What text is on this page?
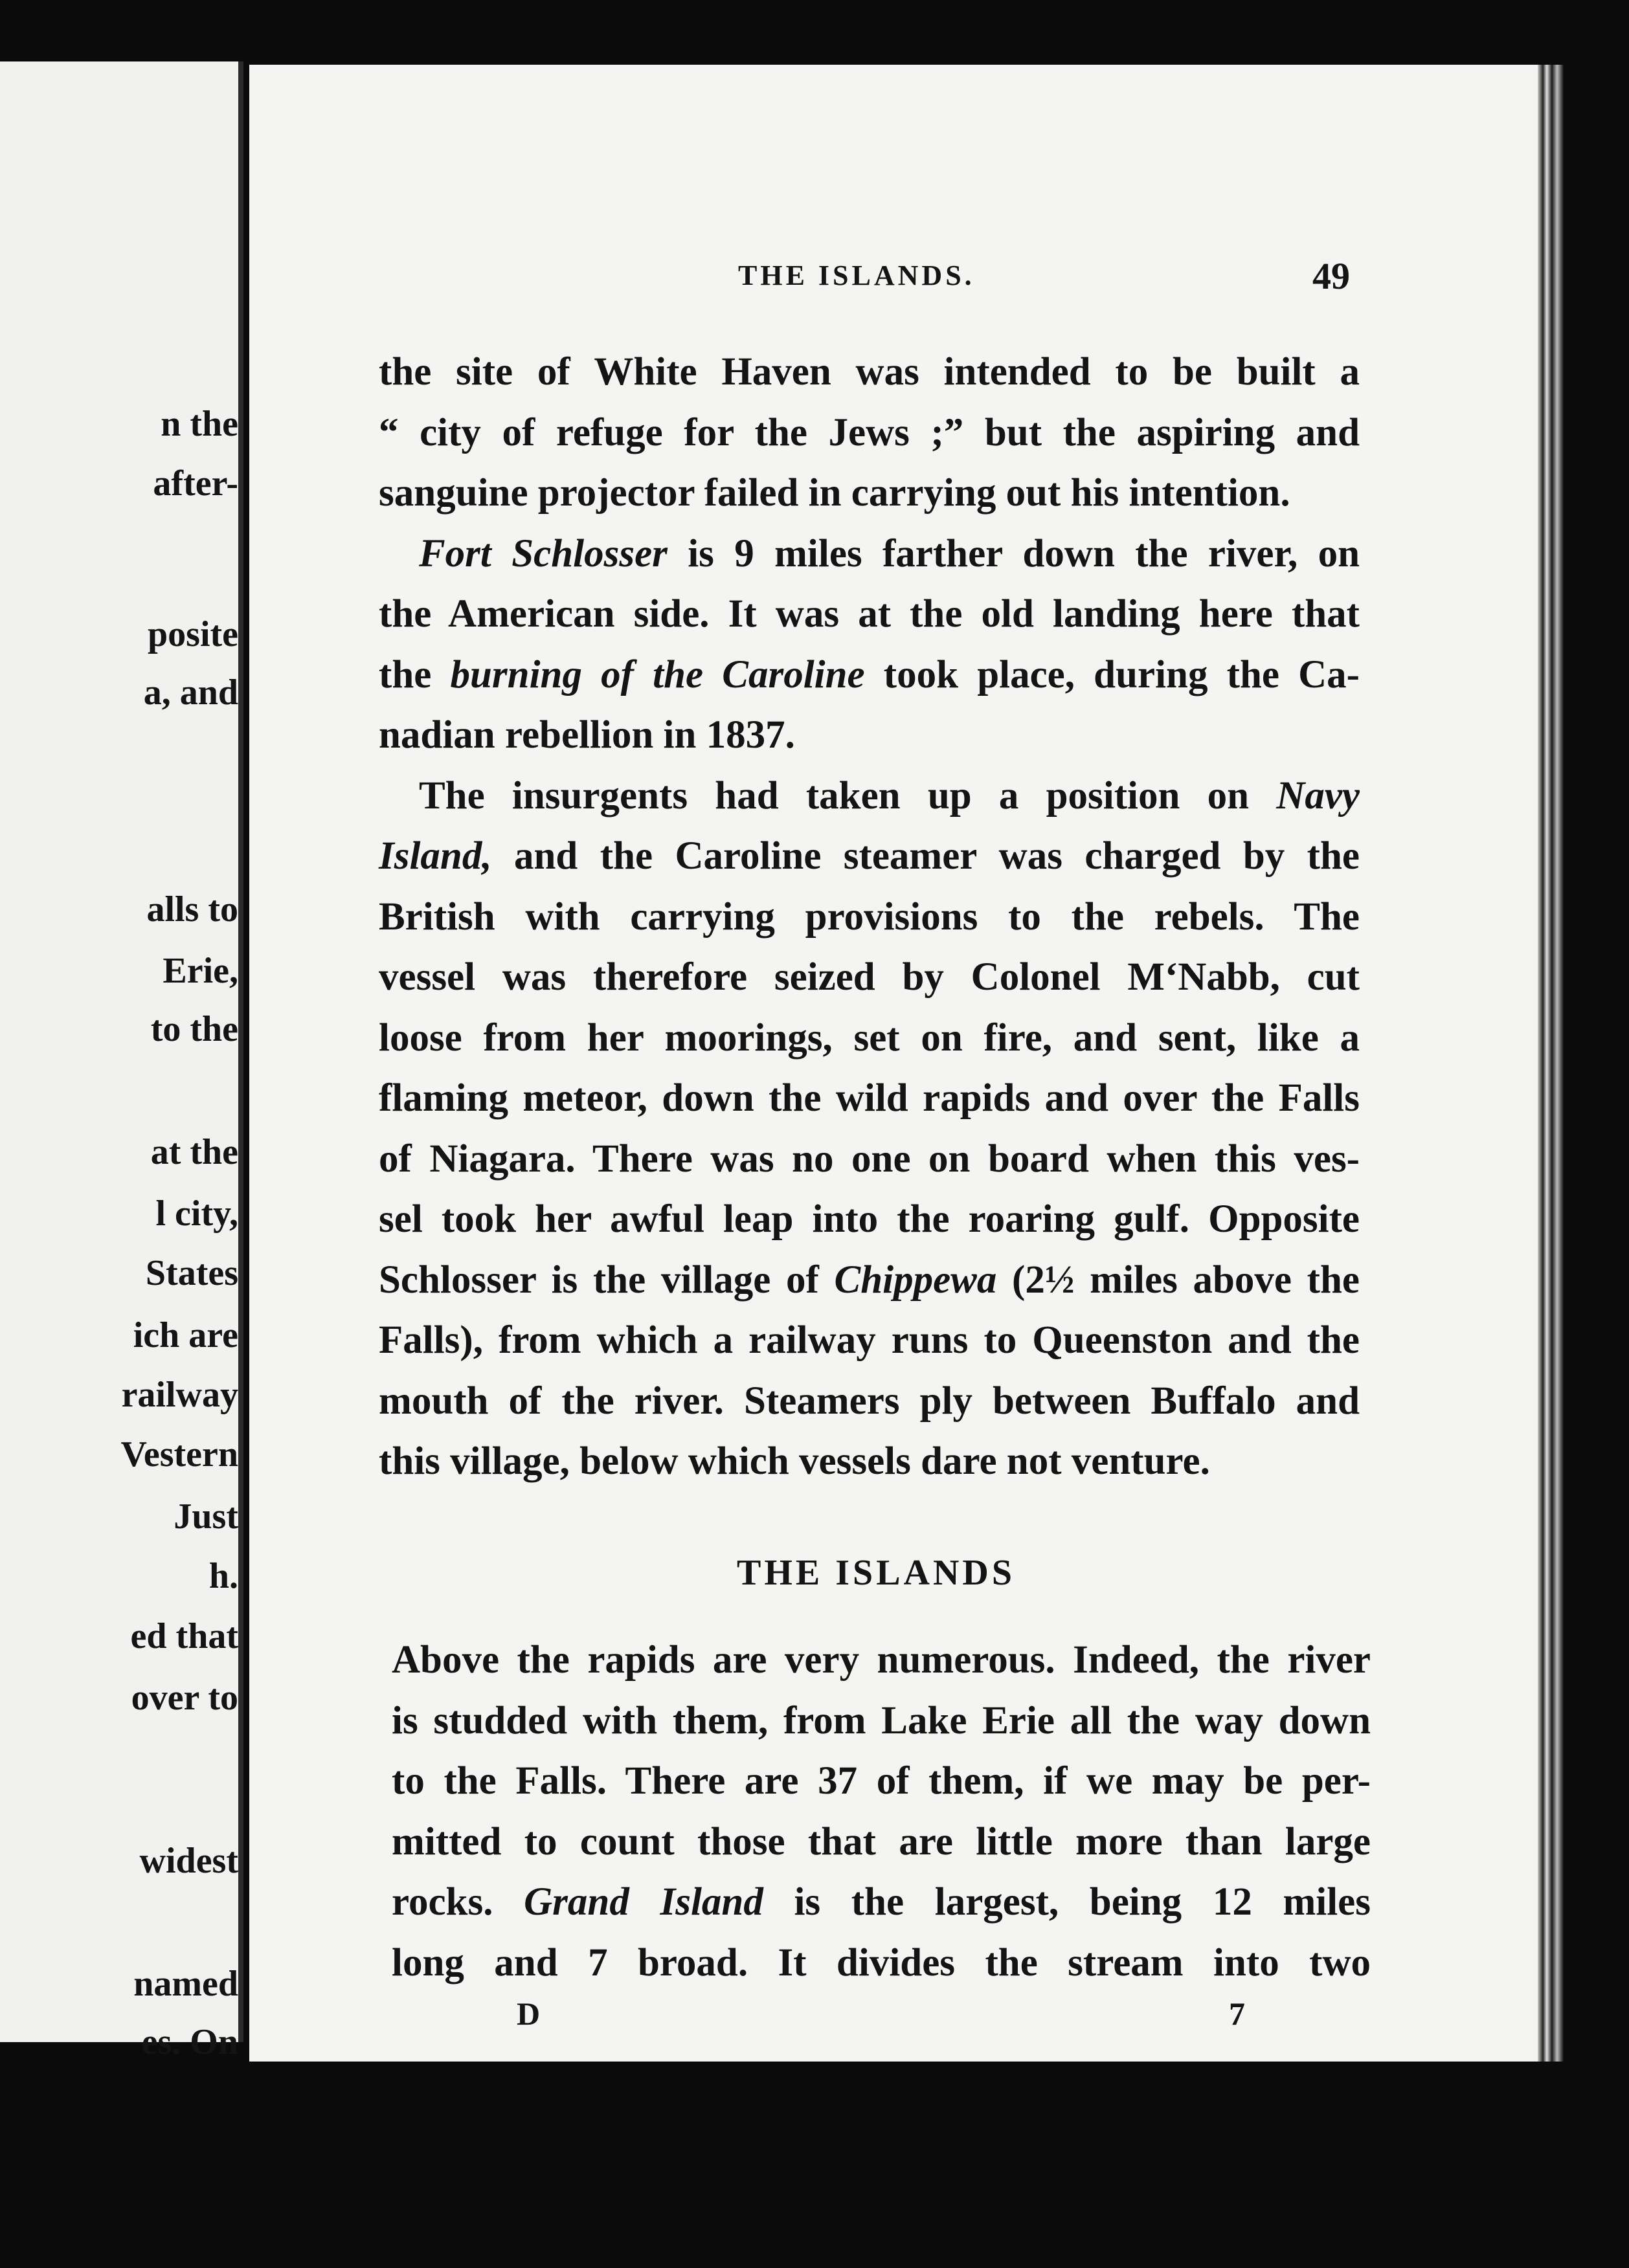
n the
after-
posite
a, and
alls to
Erie,
to the
at the
l city,
States
ich are
railway
Vestern
Just
h.
ed that
over to
widest
named
es. On
THE ISLANDS.	49
the site of White Haven was intended to be built a
“ city of refuge for the Jews ;” but the aspiring and
sanguine projector failed in carrying out his intention.
Fort Schlosser is 9 miles farther down the river, on
the American side. It was at the old landing here that
the burning of the Caroline took place, during the Ca-
nadian rebellion in 1837.
The insurgents had taken up a position on Navy
Island, and the Caroline steamer was charged by the
British with carrying provisions to the rebels. The
vessel was therefore seized by Colonel M‘Nabb, cut
loose from her moorings, set on fire, and sent, like a
flaming meteor, down the wild rapids and over the Falls
of Niagara. There was no one on board when this ves-
sel took her awful leap into the roaring gulf. Opposite
Schlosser is the village of Chippewa (2½ miles above the
Falls), from which a railway runs to Queenston and the
mouth of the river. Steamers ply between Buffalo and
this village, below which vessels dare not venture.
Above the rapids are very numerous. Indeed, the river
is studded with them, from Lake Erie all the way down
to the Falls. There are 37 of them, if we may be per-
mitted to count those that are little more than large
rocks. Grand Island is the largest, being 12 miles
long and 7 broad. It divides the stream into two
THE ISLANDS
D	7
